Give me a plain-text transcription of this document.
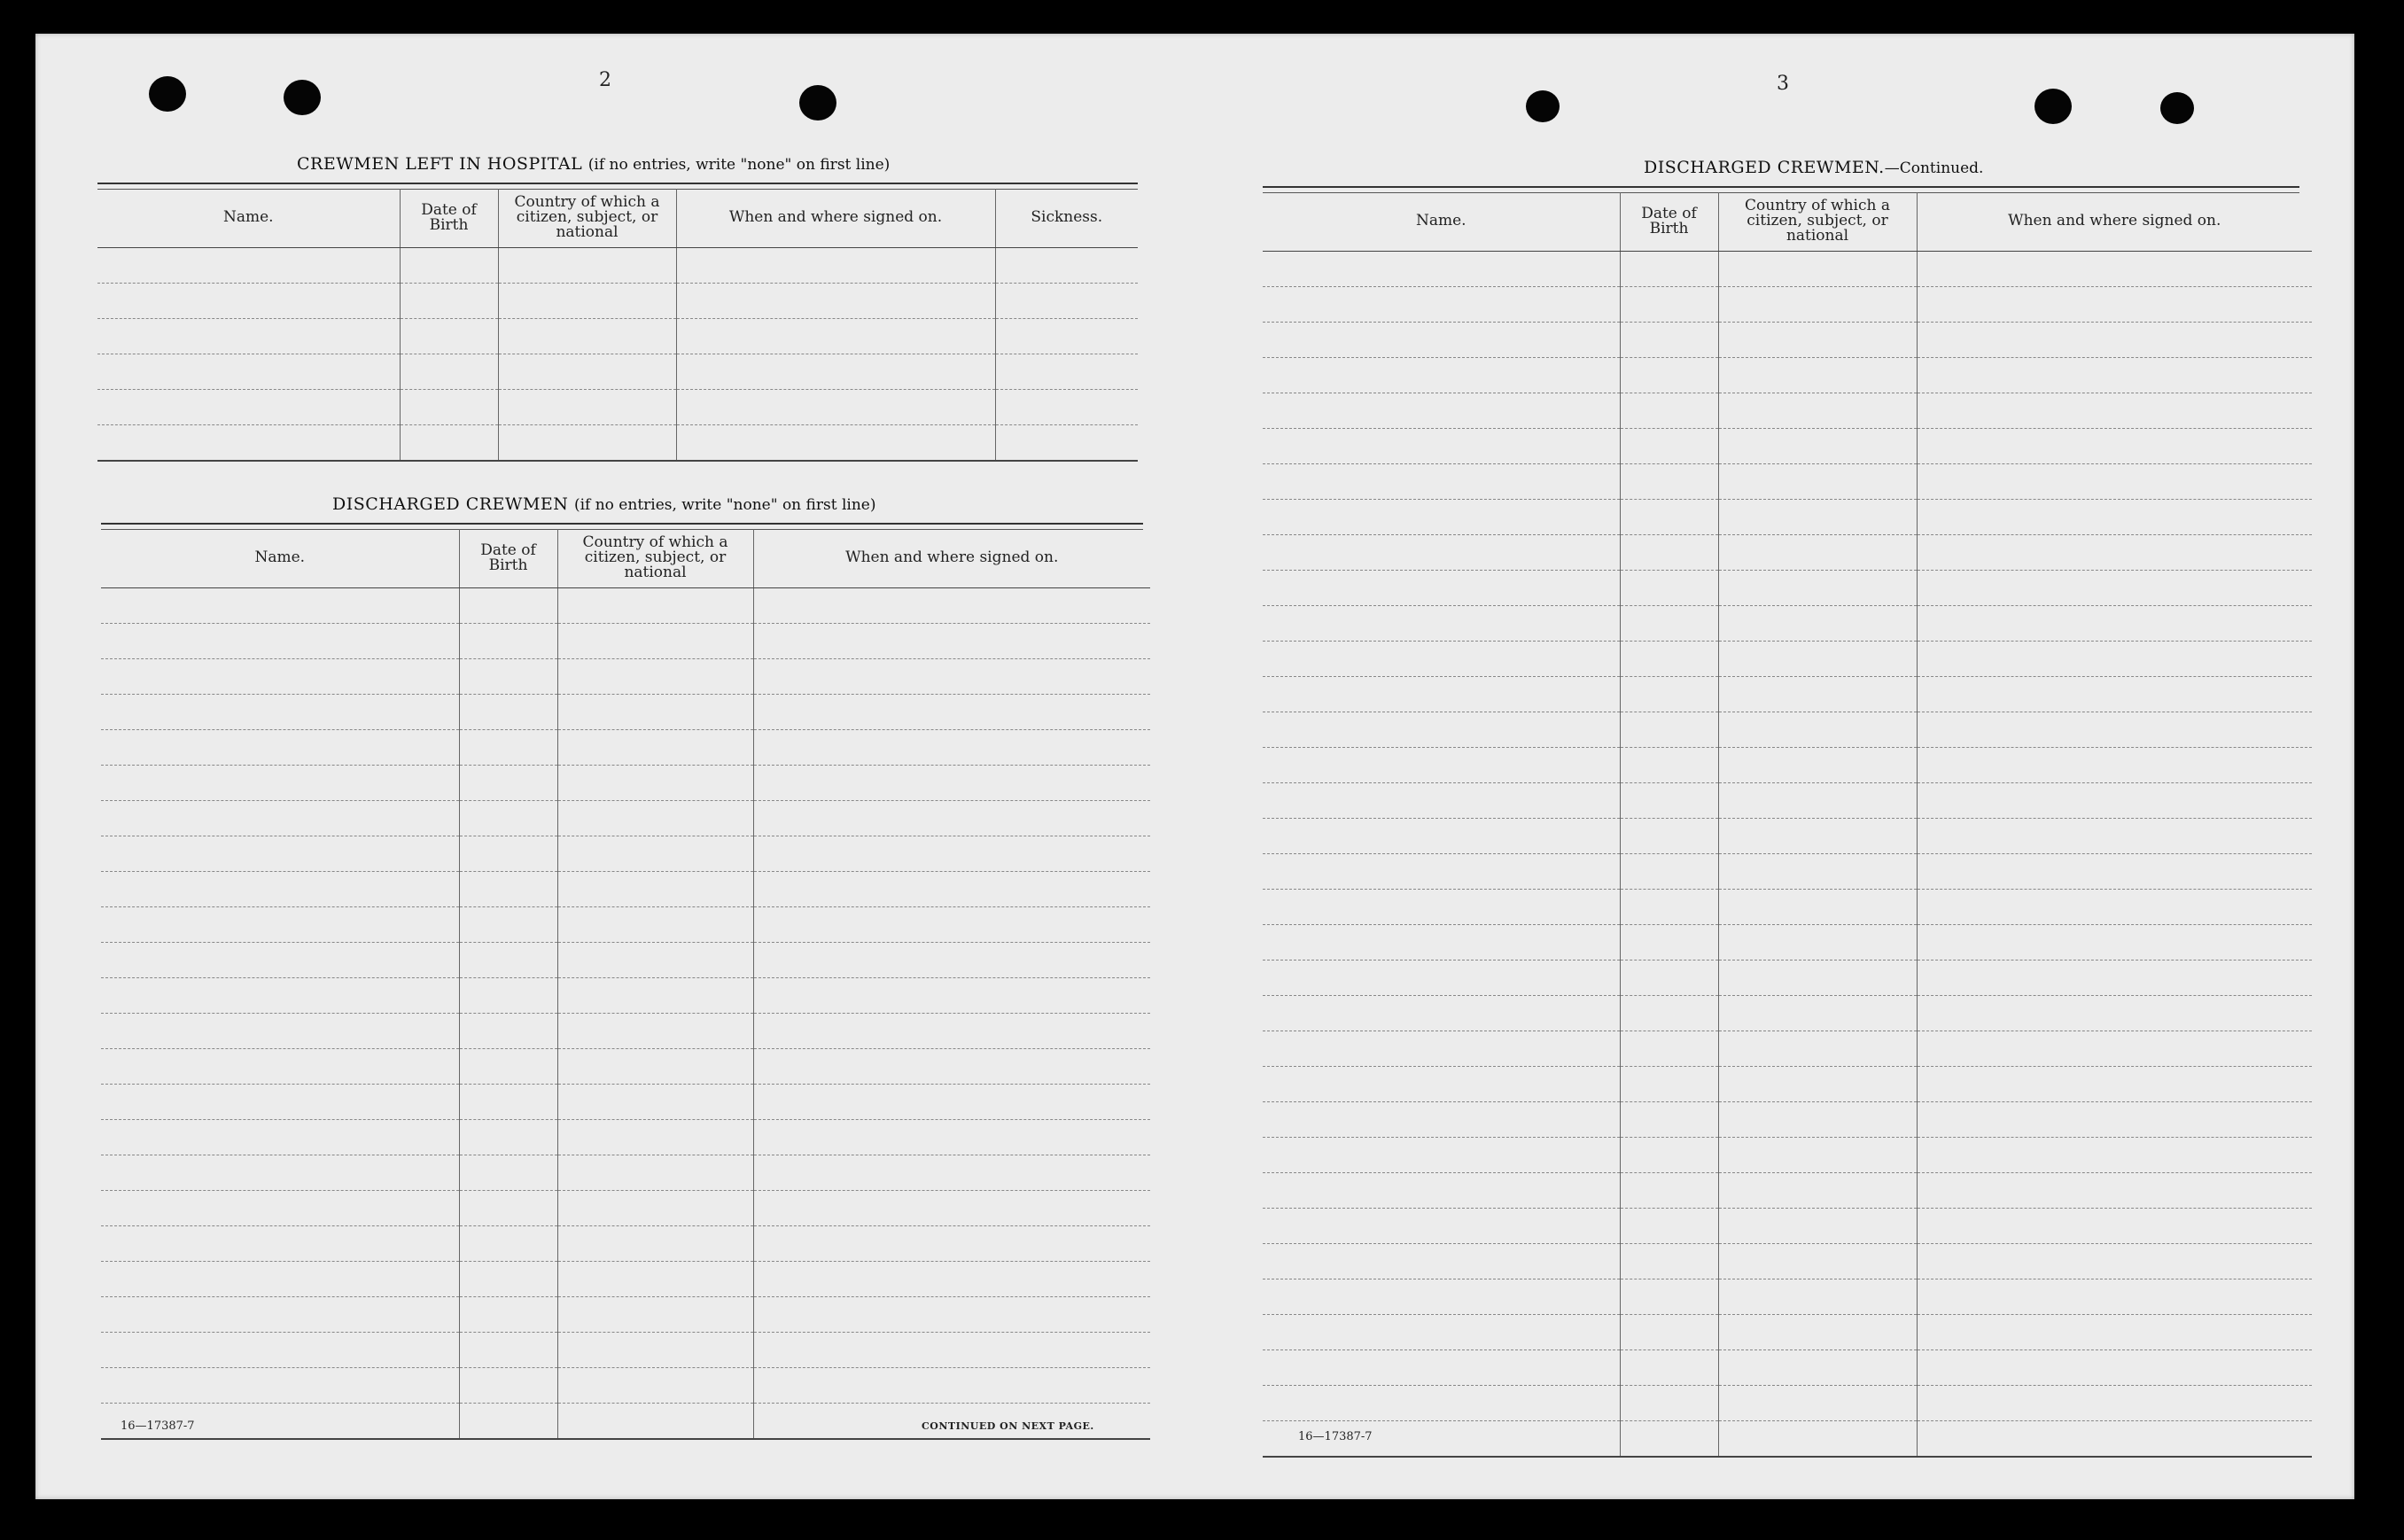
2
CREWMEN LEFT IN HOSPITAL (if no entries, write "none" on first line)
Name.	Date of Birth	Country of which a citizen, subject, or national	When and where signed on.	Sickness.

DISCHARGED CREWMEN (if no entries, write "none" on first line)
Name.	Date of Birth	Country of which a citizen, subject, or national	When and where signed on.

16—17387-7	CONTINUED ON NEXT PAGE.
3
DISCHARGED CREWMEN.—Continued.
Name.	Date of Birth	Country of which a citizen, subject, or national	When and where signed on.

16—17387-7
